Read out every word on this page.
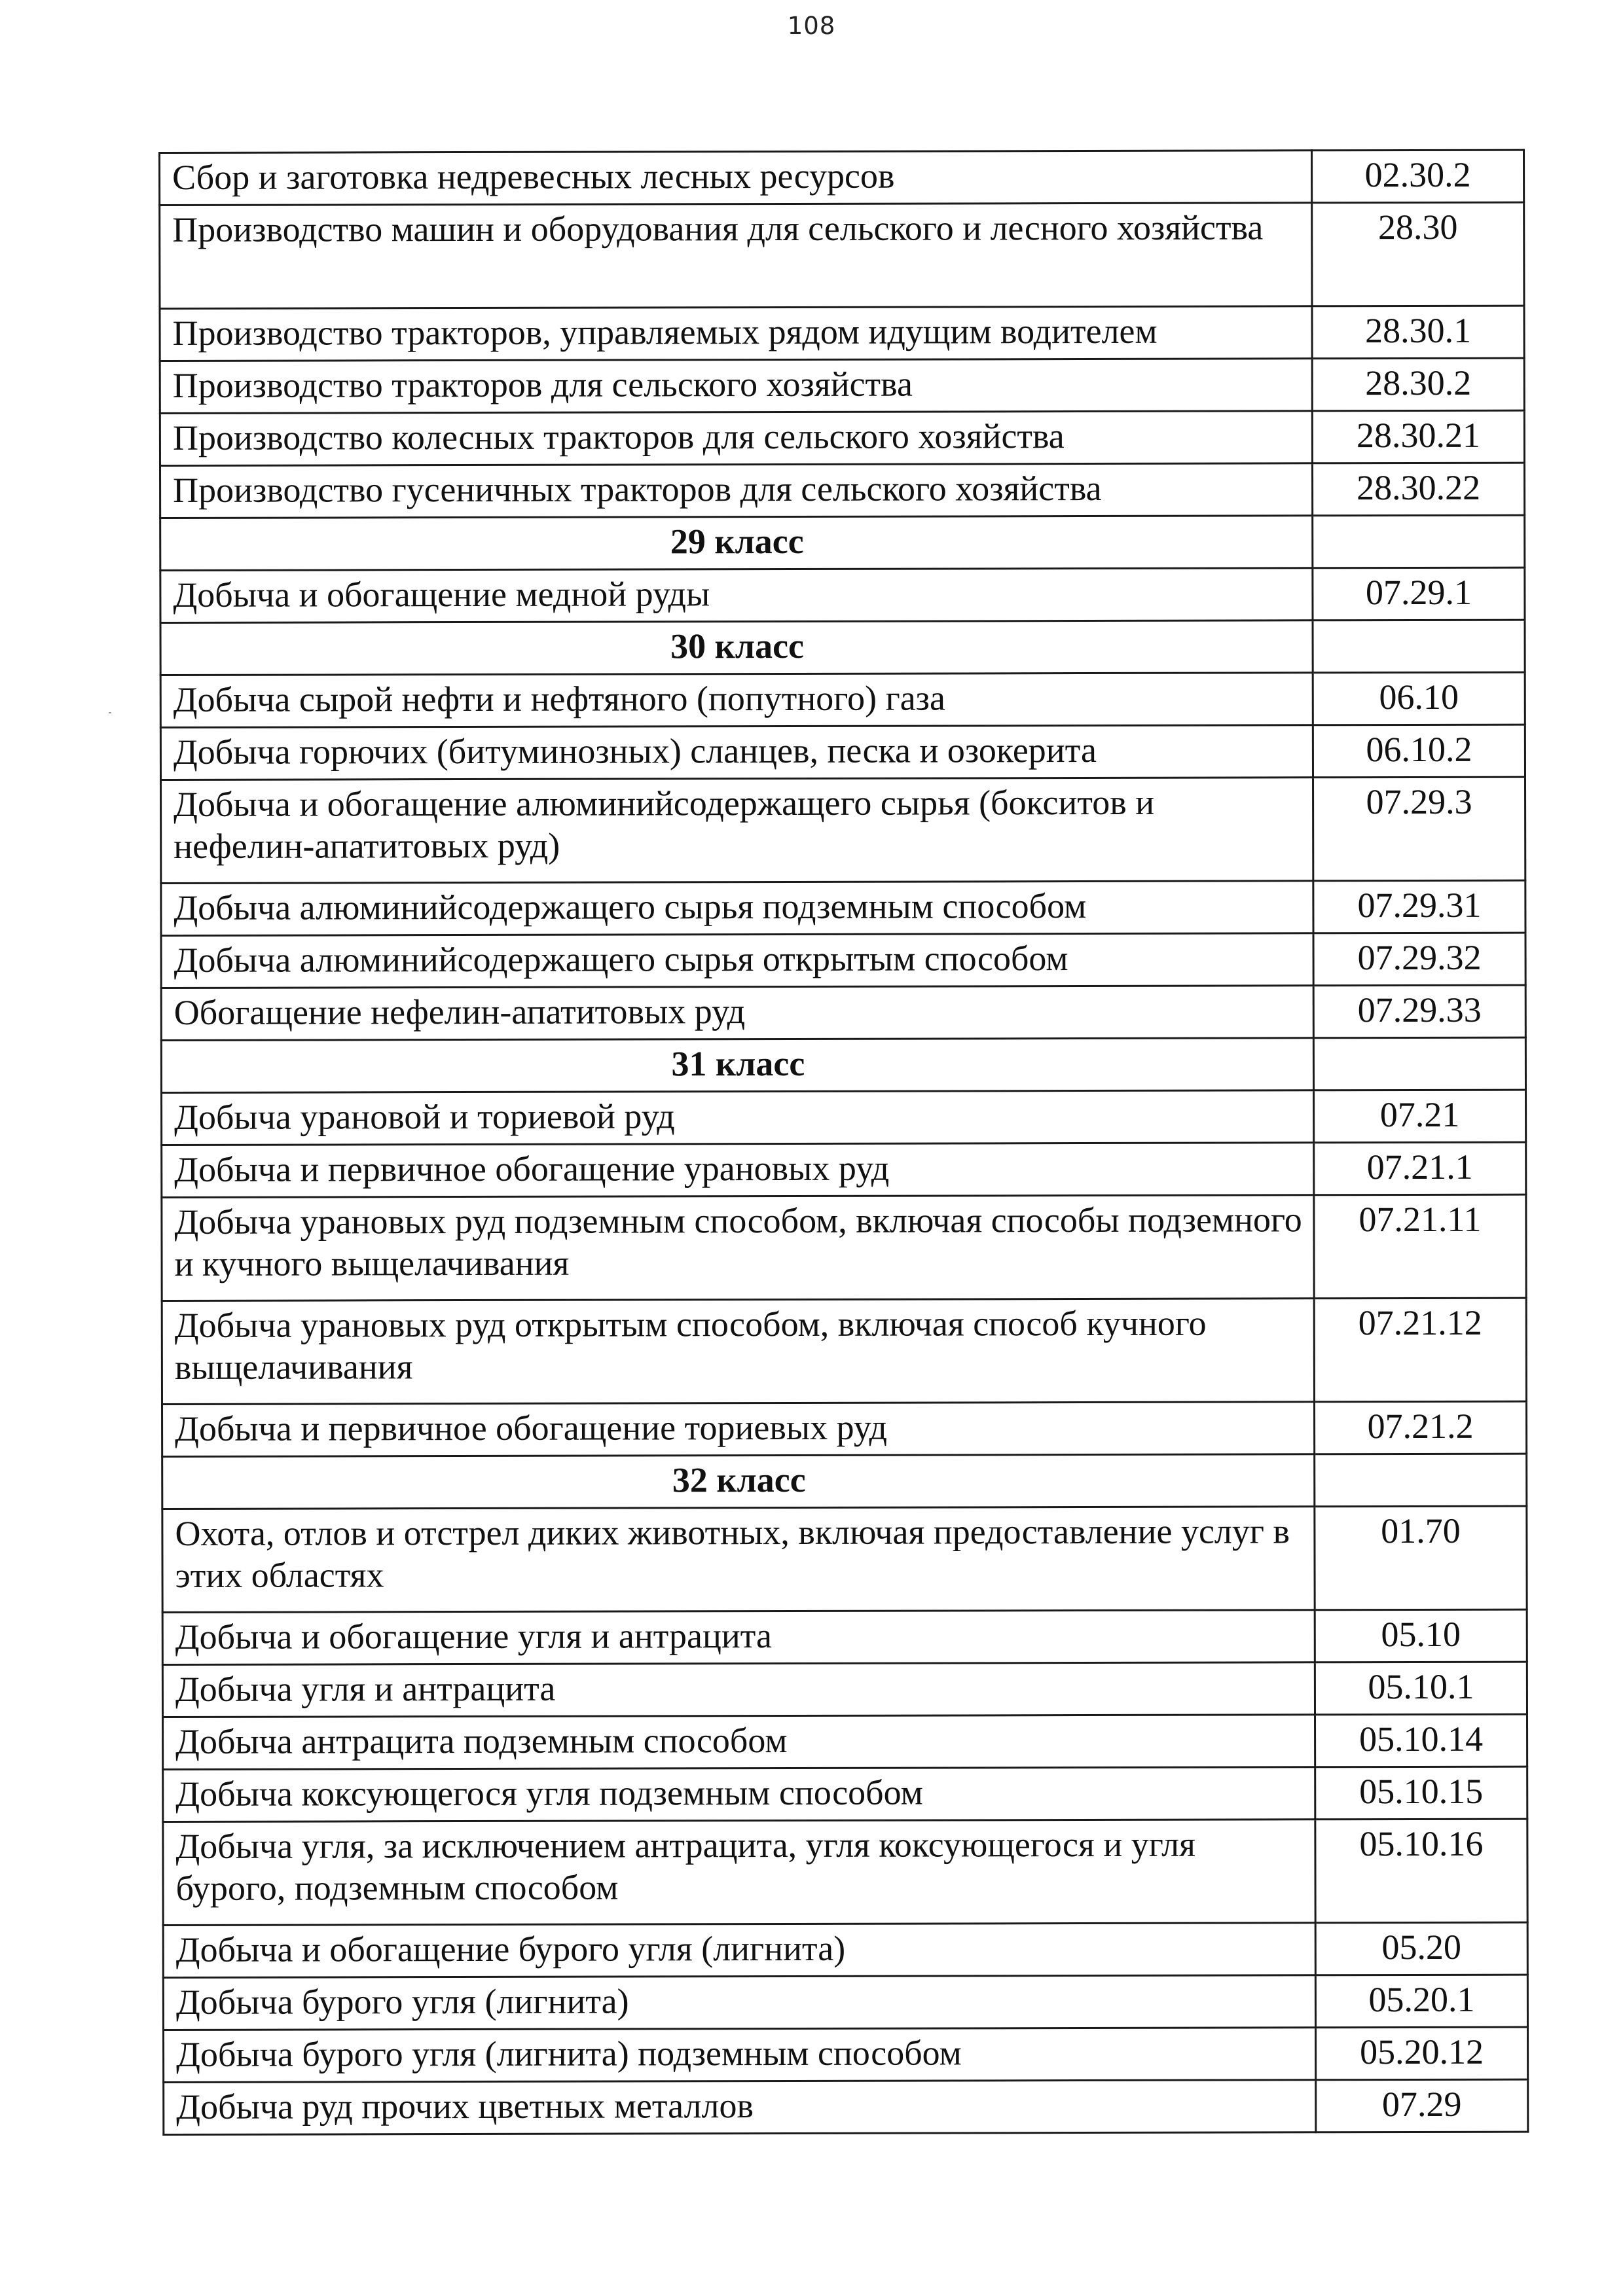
108
Сбор и заготовка недревесных лесных ресурсов	02.30.2
Производство машин и оборудования для сельского и лесного хозяйства	28.30
Производство тракторов, управляемых рядом идущим водителем	28.30.1
Производство тракторов для сельского хозяйства	28.30.2
Производство колесных тракторов для сельского хозяйства	28.30.21
Производство гусеничных тракторов для сельского хозяйства	28.30.22
29 класс	
Добыча и обогащение медной руды	07.29.1
30 класс	
Добыча сырой нефти и нефтяного (попутного) газа	06.10
Добыча горючих (битуминозных) сланцев, песка и озокерита	06.10.2
Добыча и обогащение алюминийсодержащего сырья (бокситов и нефелин-апатитовых руд)	07.29.3
Добыча алюминийсодержащего сырья подземным способом	07.29.31
Добыча алюминийсодержащего сырья открытым способом	07.29.32
Обогащение нефелин-апатитовых руд	07.29.33
31 класс	
Добыча урановой и ториевой руд	07.21
Добыча и первичное обогащение урановых руд	07.21.1
Добыча урановых руд подземным способом, включая способы подземного и кучного выщелачивания	07.21.11
Добыча урановых руд открытым способом, включая способ кучного выщелачивания	07.21.12
Добыча и первичное обогащение ториевых руд	07.21.2
32 класс	
Охота, отлов и отстрел диких животных, включая предоставление услуг в этих областях	01.70
Добыча и обогащение угля и антрацита	05.10
Добыча угля и антрацита	05.10.1
Добыча антрацита подземным способом	05.10.14
Добыча коксующегося угля подземным способом	05.10.15
Добыча угля, за исключением антрацита, угля коксующегося и угля бурого, подземным способом	05.10.16
Добыча и обогащение бурого угля (лигнита)	05.20
Добыча бурого угля (лигнита)	05.20.1
Добыча бурого угля (лигнита) подземным способом	05.20.12
Добыча руд прочих цветных металлов	07.29
